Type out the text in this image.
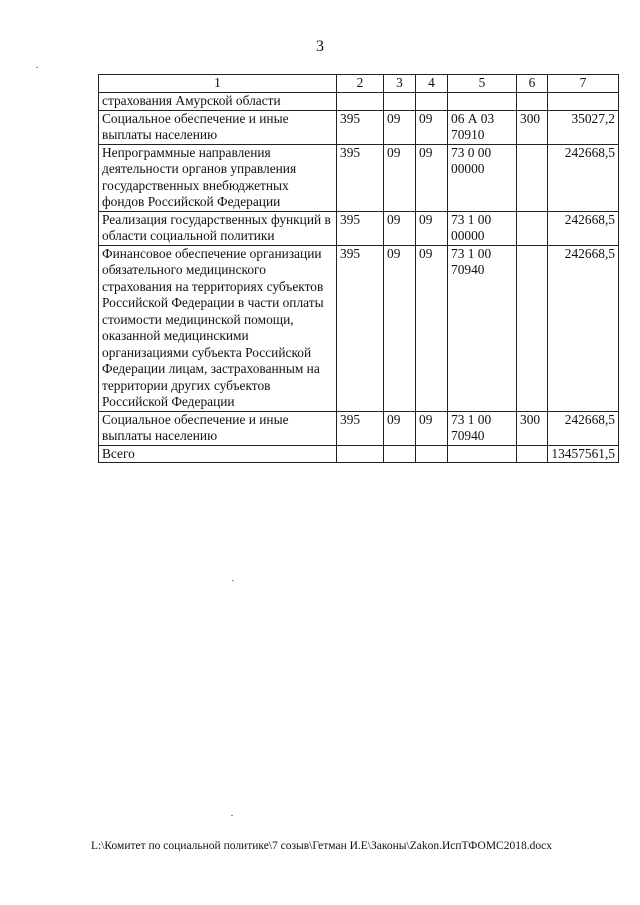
3
1	2	3	4	5	6	7
страхования Амурской области						
Социальное обеспечение и иные выплаты населению	395	09	09	06 А 03 70910	300	35027,2
Непрограммные направления деятельности органов управления государственных внебюджетных фондов Российской Федерации	395	09	09	73 0 00 00000		242668,5
Реализация государственных функций в области социальной политики	395	09	09	73 1 00 00000		242668,5
Финансовое обеспечение организации обязательного медицинского страхования на территориях субъектов Российской Федерации в части оплаты стоимости медицинской помощи, оказанной медицинскими организациями субъекта Российской Федерации лицам, застрахованным на территории других субъектов Российской Федерации	395	09	09	73 1 00 70940		242668,5
Социальное обеспечение и иные выплаты населению	395	09	09	73 1 00 70940	300	242668,5
Всего						13457561,5
L:\Комитет по социальной политике\7 созыв\Гетман И.Е\Законы\Zakon.ИспТФОМС2018.docx
